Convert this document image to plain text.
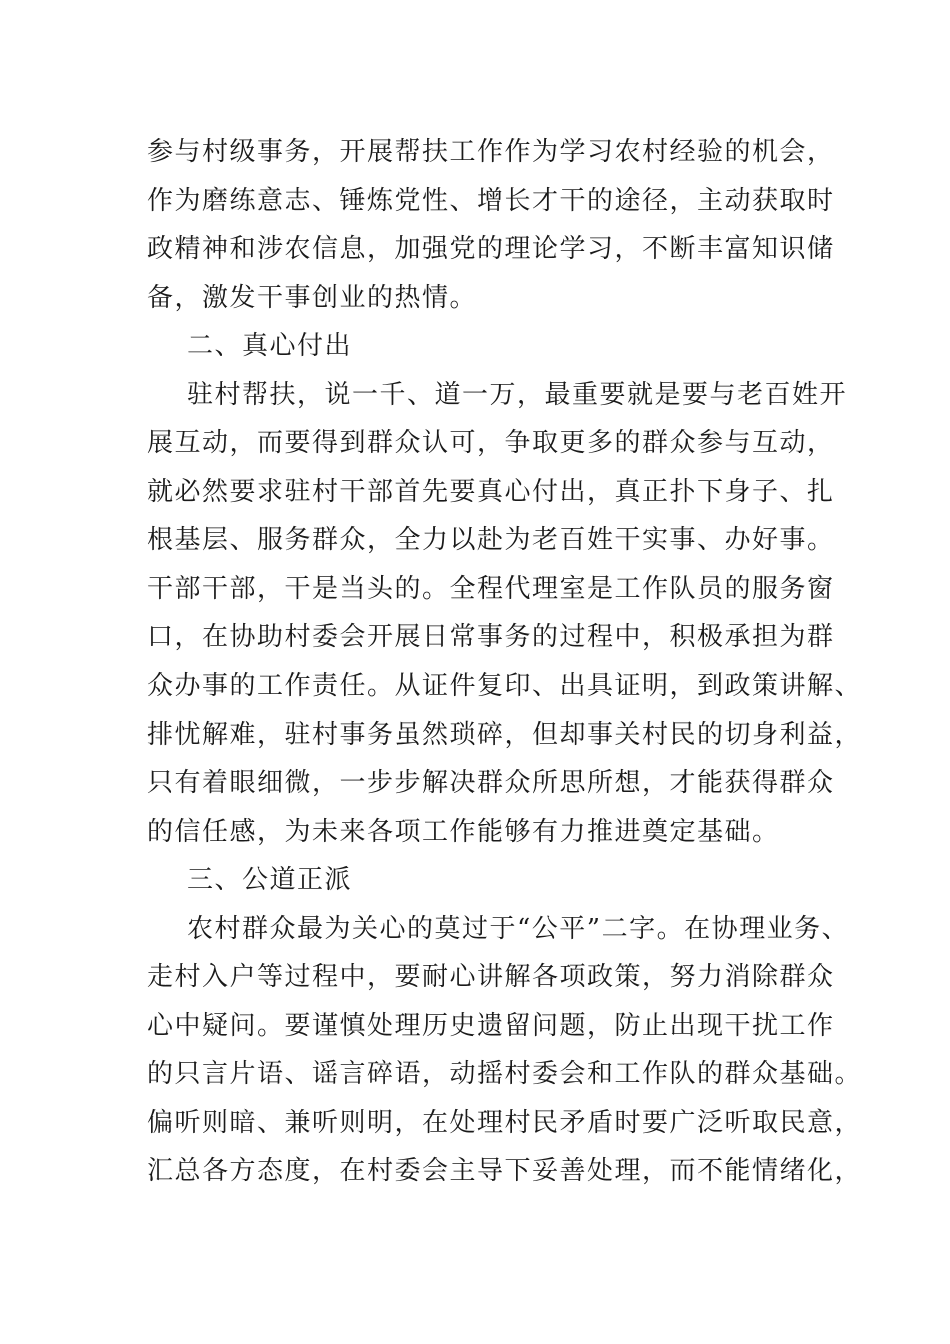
参与村级事务，开展帮扶工作作为学习农村经验的机会，
作为磨练意志、锤炼党性、增长才干的途径，主动获取时
政精神和涉农信息，加强党的理论学习，不断丰富知识储
备，激发干事创业的热情。
二、真心付出
驻村帮扶，说一千、道一万，最重要就是要与老百姓开
展互动，而要得到群众认可，争取更多的群众参与互动，
就必然要求驻村干部首先要真心付出，真正扑下身子、扎
根基层、服务群众，全力以赴为老百姓干实事、办好事。
干部干部，干是当头的。全程代理室是工作队员的服务窗
口，在协助村委会开展日常事务的过程中，积极承担为群
众办事的工作责任。从证件复印、出具证明，到政策讲解、
排忧解难，驻村事务虽然琐碎，但却事关村民的切身利益，
只有着眼细微，一步步解决群众所思所想，才能获得群众
的信任感，为未来各项工作能够有力推进奠定基础。
三、公道正派
农村群众最为关心的莫过于“公平”二字。在协理业务、
走村入户等过程中，要耐心讲解各项政策，努力消除群众
心中疑问。要谨慎处理历史遗留问题，防止出现干扰工作
的只言片语、谣言碎语，动摇村委会和工作队的群众基础。
偏听则暗、兼听则明，在处理村民矛盾时要广泛听取民意，
汇总各方态度，在村委会主导下妥善处理，而不能情绪化，
